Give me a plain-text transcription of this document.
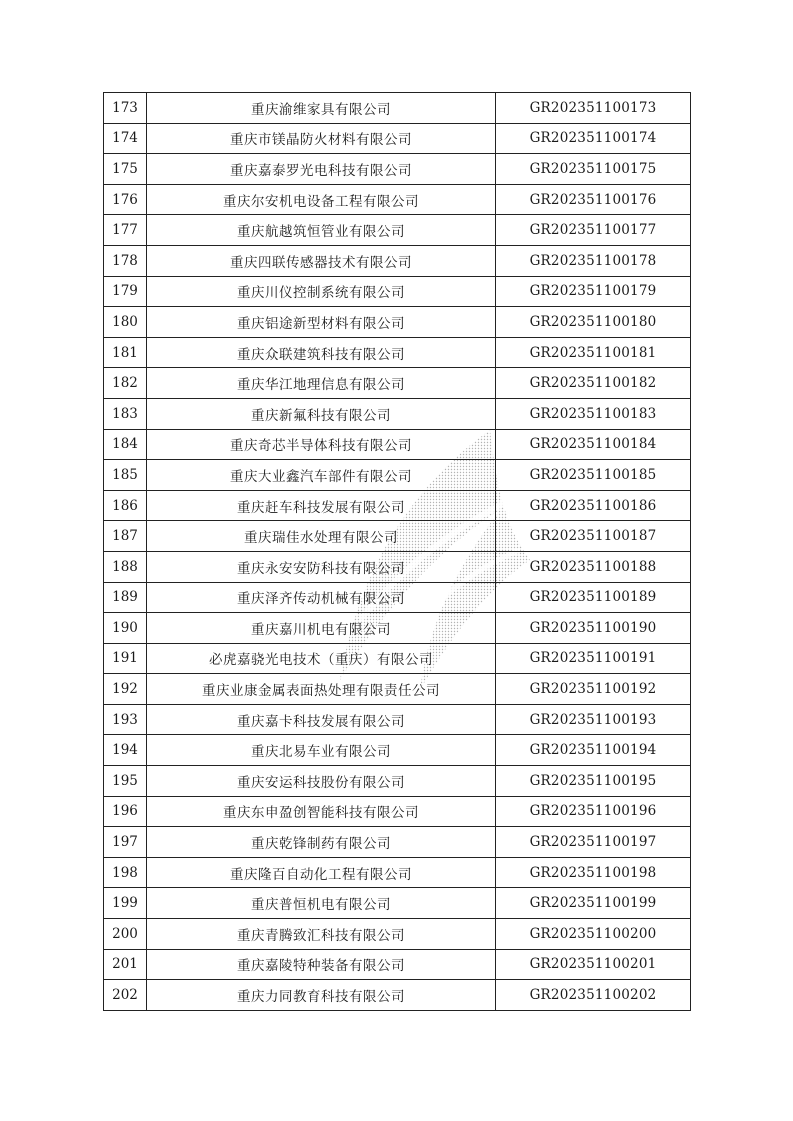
173	重庆渝维家具有限公司	GR202351100173
174	重庆市镁晶防火材料有限公司	GR202351100174
175	重庆嘉泰罗光电科技有限公司	GR202351100175
176	重庆尔安机电设备工程有限公司	GR202351100176
177	重庆航越筑恒管业有限公司	GR202351100177
178	重庆四联传感器技术有限公司	GR202351100178
179	重庆川仪控制系统有限公司	GR202351100179
180	重庆铝途新型材料有限公司	GR202351100180
181	重庆众联建筑科技有限公司	GR202351100181
182	重庆华江地理信息有限公司	GR202351100182
183	重庆新氟科技有限公司	GR202351100183
184	重庆奇芯半导体科技有限公司	GR202351100184
185	重庆大业鑫汽车部件有限公司	GR202351100185
186	重庆赶车科技发展有限公司	GR202351100186
187	重庆瑞佳水处理有限公司	GR202351100187
188	重庆永安安防科技有限公司	GR202351100188
189	重庆泽齐传动机械有限公司	GR202351100189
190	重庆嘉川机电有限公司	GR202351100190
191	必虎嘉骁光电技术（重庆）有限公司	GR202351100191
192	重庆业康金属表面热处理有限责任公司	GR202351100192
193	重庆嘉卡科技发展有限公司	GR202351100193
194	重庆北易车业有限公司	GR202351100194
195	重庆安运科技股份有限公司	GR202351100195
196	重庆东申盈创智能科技有限公司	GR202351100196
197	重庆乾锋制药有限公司	GR202351100197
198	重庆隆百自动化工程有限公司	GR202351100198
199	重庆普恒机电有限公司	GR202351100199
200	重庆青腾致汇科技有限公司	GR202351100200
201	重庆嘉陵特种装备有限公司	GR202351100201
202	重庆力同教育科技有限公司	GR202351100202
